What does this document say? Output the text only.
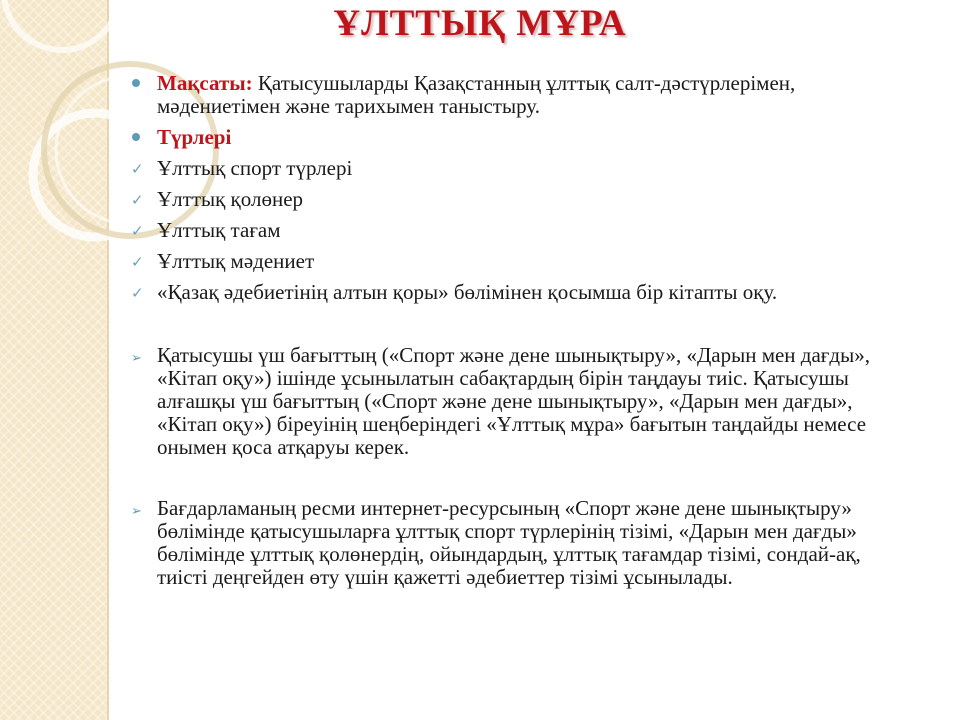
ҰЛТТЫҚ МҰРА
Мақсаты: Қатысушыларды Қазақстанның ұлттық салт-дәстүрлерімен, мәдениетімен және тарихымен таныстыру.
Түрлері
✓ Ұлттық спорт түрлері
✓ Ұлттық қолөнер
✓ Ұлттық тағам
✓ Ұлттық мәдениет
✓ «Қазақ әдебиетінің алтын қоры» бөлімінен қосымша бір кітапты оқу.
➢ Қатысушы үш бағыттың («Спорт және дене шынықтыру», «Дарын мен дағды», «Кітап оқу») ішінде ұсынылатын сабақтардың бірін таңдауы тиіс. Қатысушы алғашқы үш бағыттың («Спорт және дене шынықтыру», «Дарын мен дағды», «Кітап оқу») біреуінің шеңберіндегі «Ұлттық мұра» бағытын таңдайды немесе онымен қоса атқаруы керек.
➢ Бағдарламаның ресми интернет-ресурсының «Спорт және дене шынықтыру» бөлімінде қатысушыларға ұлттық спорт түрлерінің тізімі, «Дарын мен дағды» бөлімінде ұлттық қолөнердің, ойындардың, ұлттық тағамдар тізімі, сондай-ақ, тиісті деңгейден өту үшін қажетті әдебиеттер тізімі ұсынылады.
